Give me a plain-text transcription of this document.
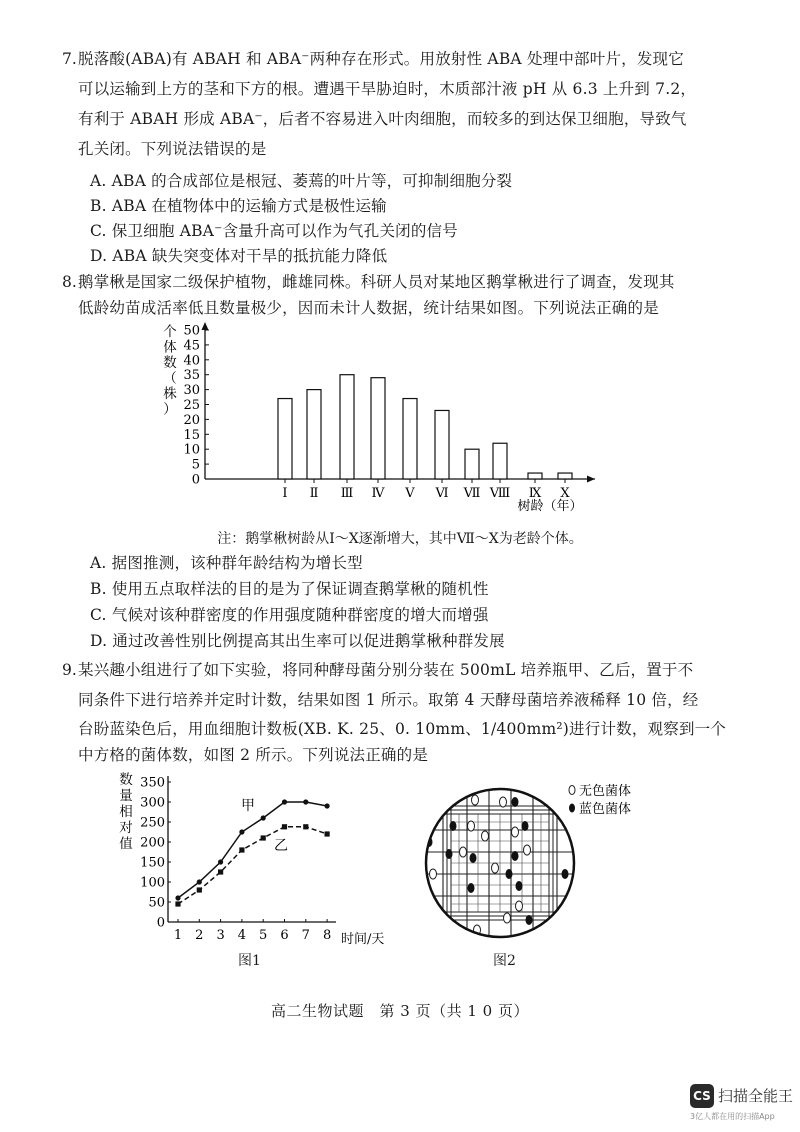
7. 脱落酸(ABA)有 ABAH 和 ABA⁻两种存在形式。用放射性 ABA 处理中部叶片，发现它
可以运输到上方的茎和下方的根。遭遇干旱胁迫时，木质部汁液 pH 从 6.3 上升到 7.2，
有利于 ABAH 形成 ABA⁻，后者不容易进入叶肉细胞，而较多的到达保卫细胞，导致气
孔关闭。下列说法错误的是
A. ABA 的合成部位是根冠、萎蔫的叶片等，可抑制细胞分裂
B. ABA 在植物体中的运输方式是极性运输
C. 保卫细胞 ABA⁻含量升高可以作为气孔关闭的信号
D. ABA 缺失突变体对干旱的抵抗能力降低
8. 鹅掌楸是国家二级保护植物，雌雄同株。科研人员对某地区鹅掌楸进行了调查，发现其
低龄幼苗成活率低且数量极少，因而未计人数据，统计结果如图。下列说法正确的是
个
体
数
（
株
）
0
5
10
15
20
25
30
35
40
45
50
Ⅰ Ⅱ Ⅲ Ⅳ Ⅴ Ⅵ Ⅶ Ⅷ Ⅸ Ⅹ
树龄（年）
注：鹅掌楸树龄从Ⅰ～Ⅹ逐渐增大，其中Ⅶ～Ⅹ为老龄个体。
A. 据图推测，该种群年龄结构为增长型
B. 使用五点取样法的目的是为了保证调查鹅掌楸的随机性
C. 气候对该种群密度的作用强度随种群密度的增大而增强
D. 通过改善性别比例提高其出生率可以促进鹅掌楸种群发展
9. 某兴趣小组进行了如下实验，将同种酵母菌分别分装在 500mL 培养瓶甲、乙后，置于不
同条件下进行培养并定时计数，结果如图 1 所示。取第 4 天酵母菌培养液稀释 10 倍，经
台盼蓝染色后，用血细胞计数板(XB. K. 25、0. 10mm、1/400mm²)进行计数，观察到一个
中方格的菌体数，如图 2 所示。下列说法正确的是
数
量
相
对
值
0
50
100
150
200
250
300
350
1 2 3 4 5 6 7 8
甲
乙
时间/天
图1
无色菌体
蓝色菌体
图2
高二生物试题　第 3 页（共 1 0 页）
CS 扫描全能王
3亿人都在用的扫描App
